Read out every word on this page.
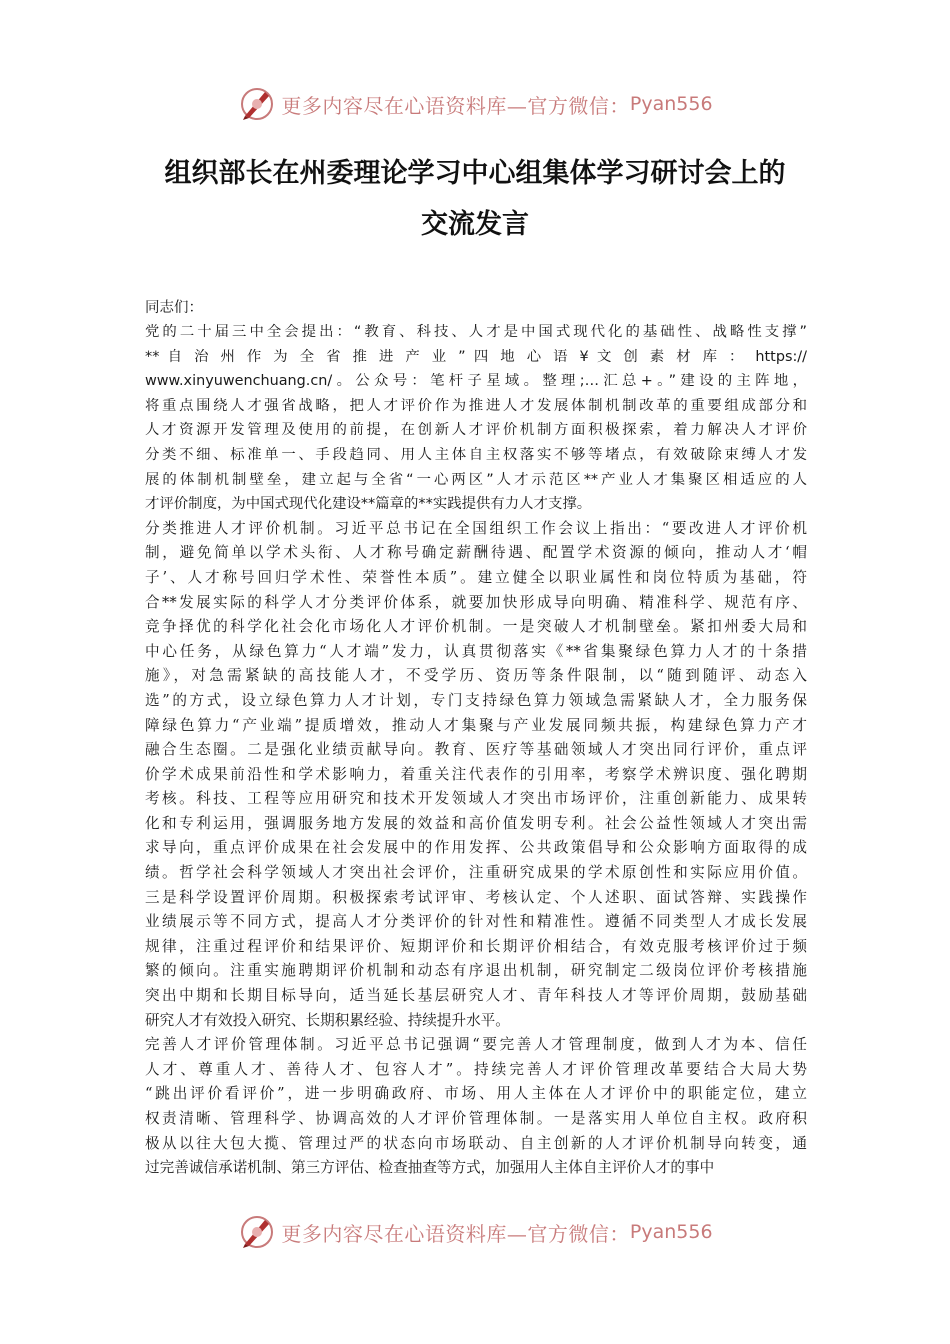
更多内容尽在心语资料库—官方微信： Pyan556
组织部长在州委理论学习中心组集体学习研讨会上的
交流发言
同志们：
党的二十届三中全会提出：“教育、科技、人才是中国式现代化的基础性、战略性支撑”
** 自 治 州 作 为 全 省 推 进 产 业 ” 四 地 心 语 ¥ 文 创 素 材 库 ： https://
www.xinyuwenchuang.cn/。公众号：笔杆子星域。整理;…汇总+。”建设的主阵地，
将重点围绕人才强省战略，把人才评价作为推进人才发展体制机制改革的重要组成部分和
人才资源开发管理及使用的前提，在创新人才评价机制方面积极探索，着力解决人才评价
分类不细、标准单一、手段趋同、用人主体自主权落实不够等堵点，有效破除束缚人才发
展的体制机制壁垒，建立起与全省“一心两区”人才示范区**产业人才集聚区相适应的人
才评价制度，为中国式现代化建设**篇章的**实践提供有力人才支撑。
分类推进人才评价机制。习近平总书记在全国组织工作会议上指出：“要改进人才评价机
制，避免简单以学术头衔、人才称号确定薪酬待遇、配置学术资源的倾向，推动人才‘帽
子’、人才称号回归学术性、荣誉性本质”。建立健全以职业属性和岗位特质为基础，符
合**发展实际的科学人才分类评价体系，就要加快形成导向明确、精准科学、规范有序、
竞争择优的科学化社会化市场化人才评价机制。一是突破人才机制壁垒。紧扣州委大局和
中心任务，从绿色算力“人才端”发力，认真贯彻落实《**省集聚绿色算力人才的十条措
施》，对急需紧缺的高技能人才，不受学历、资历等条件限制，以“随到随评、动态入
选”的方式，设立绿色算力人才计划，专门支持绿色算力领域急需紧缺人才，全力服务保
障绿色算力“产业端”提质增效，推动人才集聚与产业发展同频共振，构建绿色算力产才
融合生态圈。二是强化业绩贡献导向。教育、医疗等基础领域人才突出同行评价，重点评
价学术成果前沿性和学术影响力，着重关注代表作的引用率，考察学术辨识度、强化聘期
考核。科技、工程等应用研究和技术开发领域人才突出市场评价，注重创新能力、成果转
化和专利运用，强调服务地方发展的效益和高价值发明专利。社会公益性领域人才突出需
求导向，重点评价成果在社会发展中的作用发挥、公共政策倡导和公众影响方面取得的成
绩。哲学社会科学领域人才突出社会评价，注重研究成果的学术原创性和实际应用价值。
三是科学设置评价周期。积极探索考试评审、考核认定、个人述职、面试答辩、实践操作
业绩展示等不同方式，提高人才分类评价的针对性和精准性。遵循不同类型人才成长发展
规律，注重过程评价和结果评价、短期评价和长期评价相结合，有效克服考核评价过于频
繁的倾向。注重实施聘期评价机制和动态有序退出机制，研究制定二级岗位评价考核措施
突出中期和长期目标导向，适当延长基层研究人才、青年科技人才等评价周期，鼓励基础
研究人才有效投入研究、长期积累经验、持续提升水平。
完善人才评价管理体制。习近平总书记强调“要完善人才管理制度，做到人才为本、信任
人才、尊重人才、善待人才、包容人才”。持续完善人才评价管理改革要结合大局大势
“跳出评价看评价”，进一步明确政府、市场、用人主体在人才评价中的职能定位，建立
权责清晰、管理科学、协调高效的人才评价管理体制。一是落实用人单位自主权。政府积
极从以往大包大揽、管理过严的状态向市场联动、自主创新的人才评价机制导向转变，通
过完善诚信承诺机制、第三方评估、检查抽查等方式，加强用人主体自主评价人才的事中
更多内容尽在心语资料库—官方微信： Pyan556
